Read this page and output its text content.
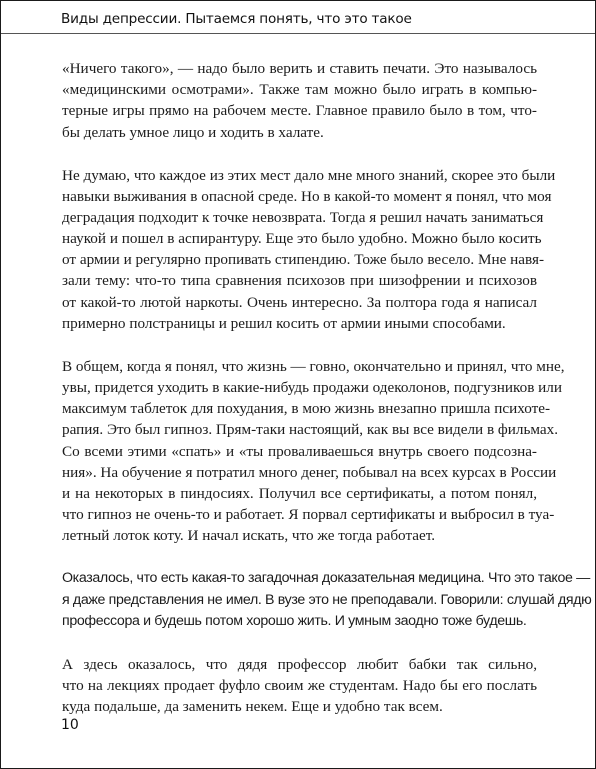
Виды депрессии. Пытаемся понять, что это такое
«Ничего такого», — надо было верить и ставить печати. Это называлось
«медицинскими осмотрами». Также там можно было играть в компью-
терные игры прямо на рабочем месте. Главное правило было в том, что-
бы делать умное лицо и ходить в халате.
Не думаю, что каждое из этих мест дало мне много знаний, скорее это были
навыки выживания в опасной среде. Но в какой-то момент я понял, что моя
деградация подходит к точке невозврата. Тогда я решил начать заниматься
наукой и пошел в аспирантуру. Еще это было удобно. Можно было косить
от армии и регулярно пропивать стипендию. Тоже было весело. Мне навя-
зали тему: что-то типа сравнения психозов при шизофрении и психозов
от какой-то лютой наркоты. Очень интересно. За полтора года я написал
примерно полстраницы и решил косить от армии иными способами.
В общем, когда я понял, что жизнь — говно, окончательно и принял, что мне,
увы, придется уходить в какие-нибудь продажи одеколонов, подгузников или
максимум таблеток для похудания, в мою жизнь внезапно пришла психоте-
рапия. Это был гипноз. Прям-таки настоящий, как вы все видели в фильмах.
Со всеми этими «спать» и «ты проваливаешься внутрь своего подсозна-
ния». На обучение я потратил много денег, побывал на всех курсах в России
и на некоторых в пиндосиях. Получил все сертификаты, а потом понял,
что гипноз не очень-то и работает. Я порвал сертификаты и выбросил в туа-
летный лоток коту. И начал искать, что же тогда работает.
Оказалось, что есть какая-то загадочная доказательная медицина. Что это такое —
я даже представления не имел. В вузе это не преподавали. Говорили: слушай дядю
профессора и будешь потом хорошо жить. И умным заодно тоже будешь.
А здесь оказалось, что дядя профессор любит бабки так сильно,
что на лекциях продает фуфло своим же студентам. Надо бы его послать
куда подальше, да заменить некем. Еще и удобно так всем.
10
